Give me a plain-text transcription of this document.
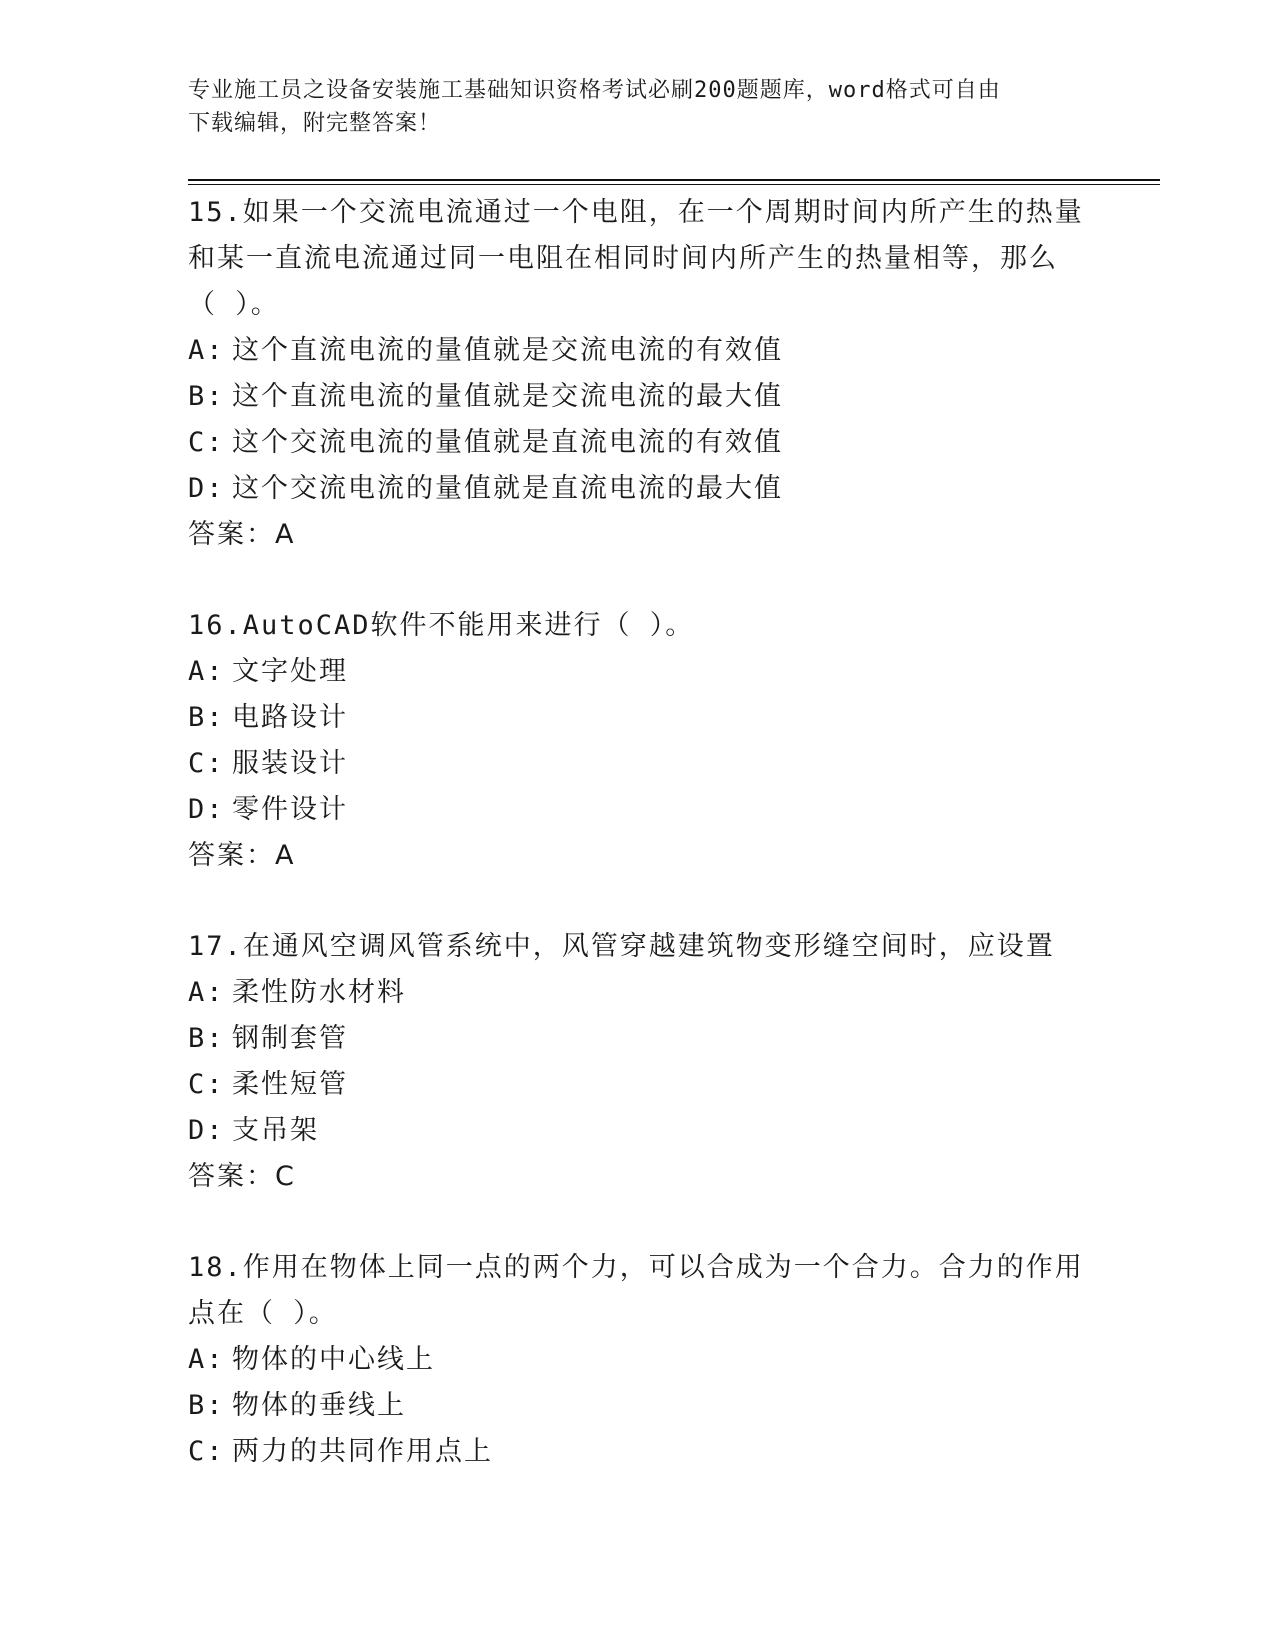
专业施工员之设备安装施工基础知识资格考试必刷200题题库，word格式可自由
下载编辑，附完整答案！
15.如果一个交流电流通过一个电阻，在一个周期时间内所产生的热量
和某一直流电流通过同一电阻在相同时间内所产生的热量相等，那么
（ ）。
A: 这个直流电流的量值就是交流电流的有效值
B: 这个直流电流的量值就是交流电流的最大值
C: 这个交流电流的量值就是直流电流的有效值
D: 这个交流电流的量值就是直流电流的最大值
答案：A
16.AutoCAD软件不能用来进行（ ）。
A: 文字处理
B: 电路设计
C: 服装设计
D: 零件设计
答案：A
17.在通风空调风管系统中，风管穿越建筑物变形缝空间时，应设置
A: 柔性防水材料
B: 钢制套管
C: 柔性短管
D: 支吊架
答案：C
18.作用在物体上同一点的两个力，可以合成为一个合力。合力的作用
点在（ ）。
A: 物体的中心线上
B: 物体的垂线上
C: 两力的共同作用点上
